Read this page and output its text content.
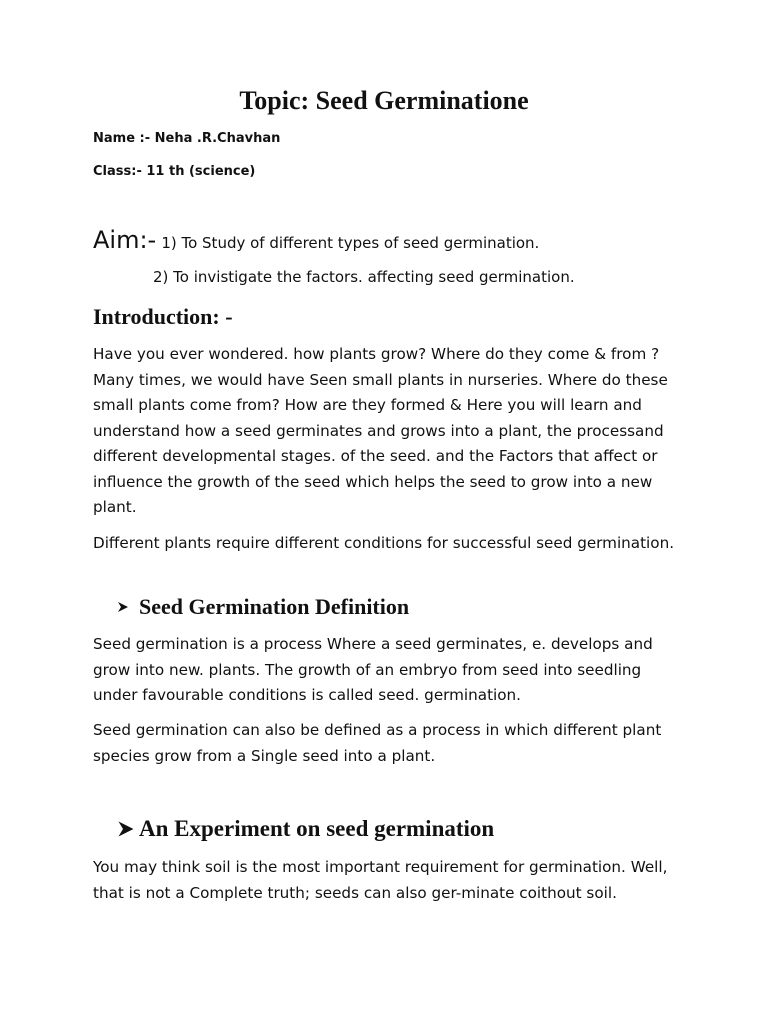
Topic: Seed Germinatione

Name :- Neha .R.Chavhan

Class:- 11 th (science)

Aim:- 1) To Study of different types of seed germination.

2) To invistigate the factors. affecting seed germination.

Introduction: -

Have you ever wondered. how plants grow? Where do they come & from ? Many times, we would have Seen small plants in nurseries. Where do these small plants come from? How are they formed & Here you will learn and understand how a seed germinates and grows into a plant, the processand different developmental stages. of the seed. and the Factors that affect or influence the growth of the seed which helps the seed to grow into a new plant.

Different plants require different conditions for successful seed germination.

Seed Germination Definition

Seed germination is a process Where a seed germinates, e. develops and grow into new. plants. The growth of an embryo from seed into seedling under favourable conditions is called seed. germination.

Seed germination can also be defined as a process in which different plant species grow from a Single seed into a plant.

An Experiment on seed germination

You may think soil is the most important requirement for germination. Well, that is not a Complete truth; seeds can also ger-minate coithout soil.
